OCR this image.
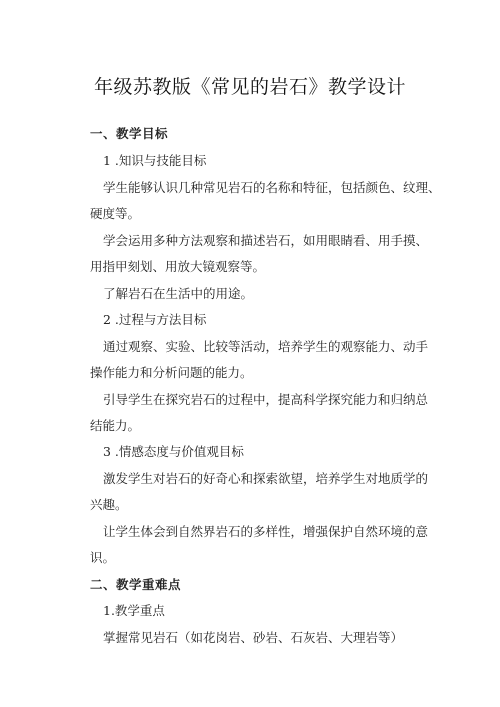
年级苏教版《常见的岩石》教学设计
一、教学目标
1 .知识与技能目标
学生能够认识几种常见岩石的名称和特征，包括颜色、纹理、
硬度等。
学会运用多种方法观察和描述岩石，如用眼睛看、用手摸、
用指甲刻划、用放大镜观察等。
了解岩石在生活中的用途。
2 .过程与方法目标
通过观察、实验、比较等活动，培养学生的观察能力、动手
操作能力和分析问题的能力。
引导学生在探究岩石的过程中，提高科学探究能力和归纳总
结能力。
3 .情感态度与价值观目标
激发学生对岩石的好奇心和探索欲望，培养学生对地质学的
兴趣。
让学生体会到自然界岩石的多样性，增强保护自然环境的意
识。
二、教学重难点
1.教学重点
掌握常见岩石（如花岗岩、砂岩、石灰岩、大理岩等）
